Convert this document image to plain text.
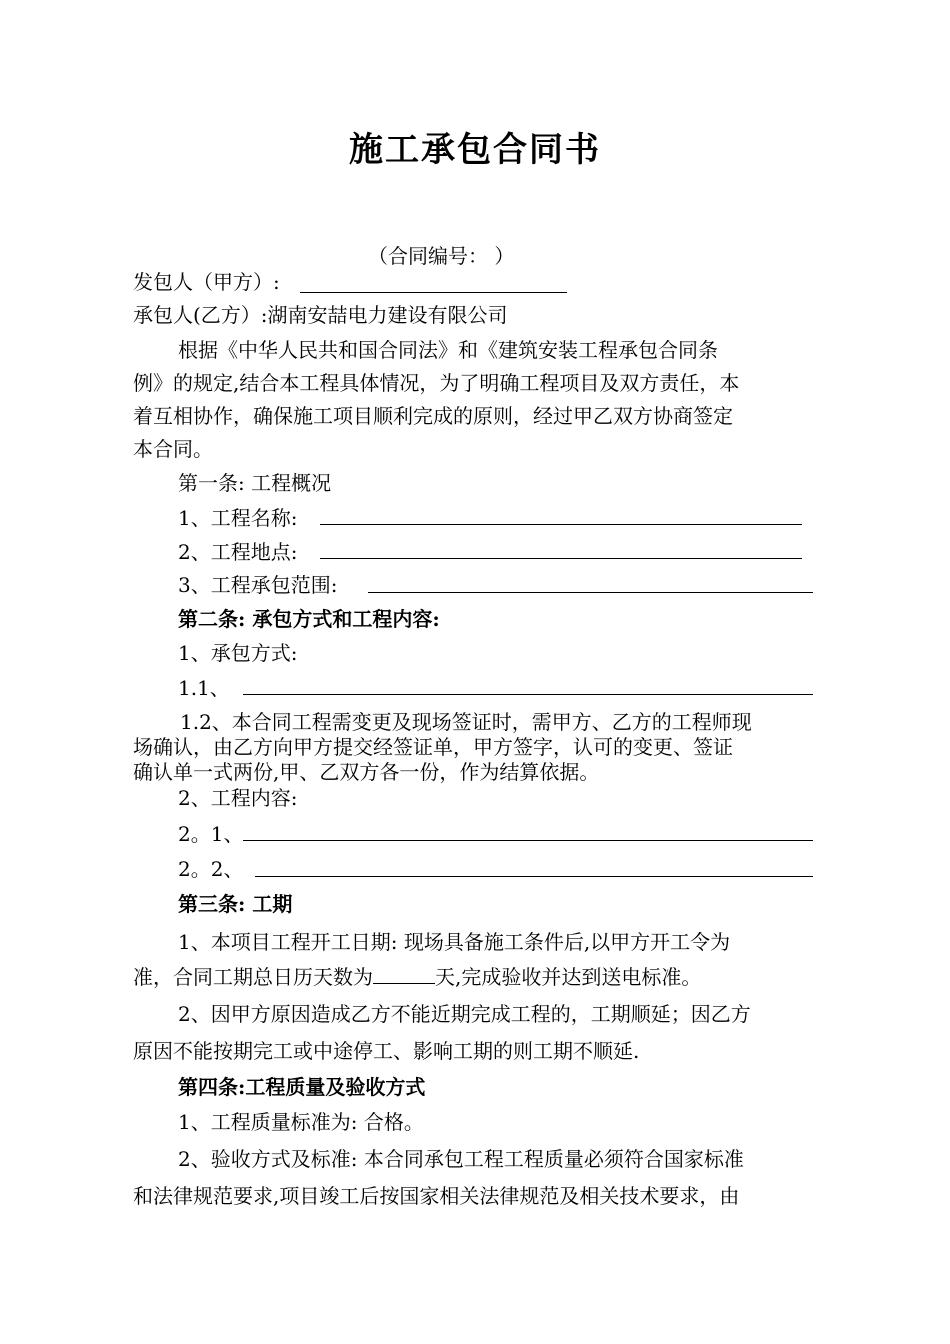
施工承包合同书
（合同编号： ）
发包人（甲方）:
承包人(乙方）:湖南安喆电力建设有限公司
根据《中华人民共和国合同法》和《建筑安装工程承包合同条
例》的规定,结合本工程具体情况，为了明确工程项目及双方责任，本
着互相协作，确保施工项目顺利完成的原则，经过甲乙双方协商签定
本合同。
第一条: 工程概况
1、工程名称:
2、工程地点:
3、工程承包范围:
第二条: 承包方式和工程内容:
1、承包方式:
1.1、
1.2、本合同工程需变更及现场签证时，需甲方、乙方的工程师现
场确认，由乙方向甲方提交经签证单，甲方签字，认可的变更、签证
确认单一式两份,甲、乙双方各一份，作为结算依据。
2、工程内容:
2。1、
2。2、
第三条: 工期
1、本项目工程开工日期: 现场具备施工条件后,以甲方开工令为
准，合同工期总日历天数为	天,完成验收并达到送电标准。
2、因甲方原因造成乙方不能近期完成工程的，工期顺延；因乙方
原因不能按期完工或中途停工、影响工期的则工期不顺延.
第四条:工程质量及验收方式
1、工程质量标准为: 合格。
2、验收方式及标准: 本合同承包工程工程质量必须符合国家标准
和法律规范要求,项目竣工后按国家相关法律规范及相关技术要求，由
